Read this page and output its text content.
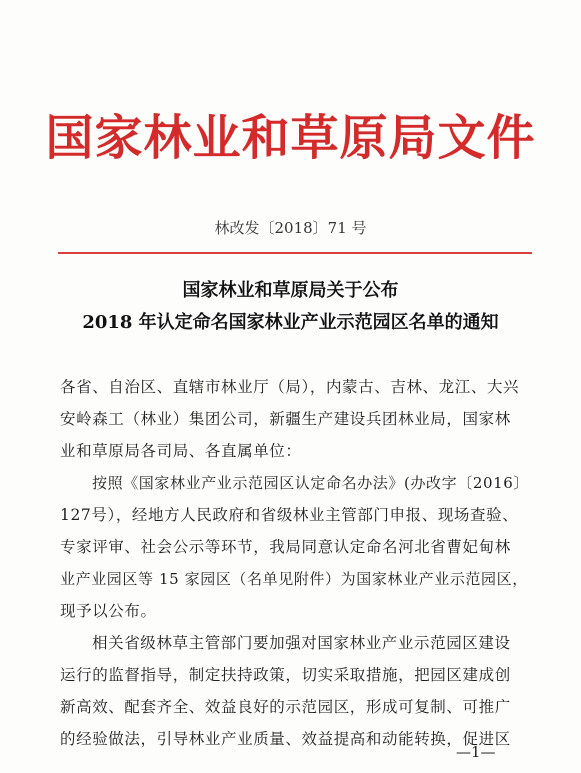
国家林业和草原局文件
林改发〔2018〕71 号
国家林业和草原局关于公布
2018 年认定命名国家林业产业示范园区名单的通知
各省、自治区、直辖市林业厅（局），内蒙古、吉林、龙江、大兴
安岭森工（林业）集团公司，新疆生产建设兵团林业局，国家林
业和草原局各司局、各直属单位：
按照《国家林业产业示范园区认定命名办法》(办改字〔2016〕
127号），经地方人民政府和省级林业主管部门申报、现场查验、
专家评审、社会公示等环节，我局同意认定命名河北省曹妃甸林
业产业园区等 15 家园区（名单见附件）为国家林业产业示范园区，
现予以公布。
相关省级林草主管部门要加强对国家林业产业示范园区建设
运行的监督指导，制定扶持政策，切实采取措施，把园区建成创
新高效、配套齐全、效益良好的示范园区，形成可复制、可推广
的经验做法，引导林业产业质量、效益提高和动能转换，促进区
—1—
